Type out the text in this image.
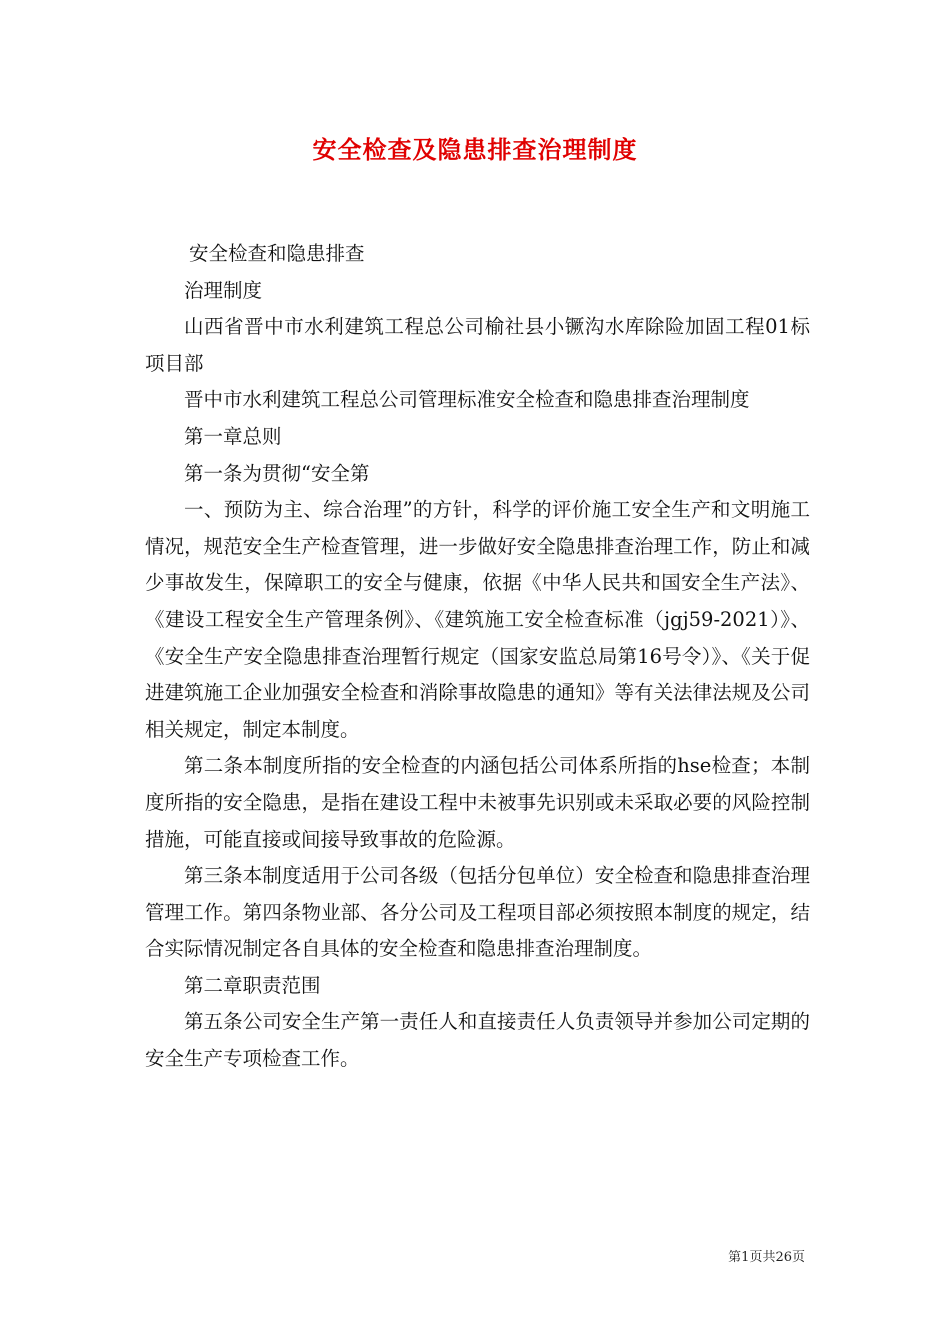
安全检查及隐患排查治理制度

安全检查和隐患排查

治理制度

山西省晋中市水利建筑工程总公司榆社县小镢沟水库除险加固工程01标项目部

晋中市水利建筑工程总公司管理标准安全检查和隐患排查治理制度

第一章总则

第一条为贯彻“安全第

一、预防为主、综合治理”的方针，科学的评价施工安全生产和文明施工情况，规范安全生产检查管理，进一步做好安全隐患排查治理工作，防止和减少事故发生，保障职工的安全与健康，依据《中华人民共和国安全生产法》、《建设工程安全生产管理条例》、《建筑施工安全检查标准（jgj59-2021）》、《安全生产安全隐患排查治理暂行规定（国家安监总局第16号令）》、《关于促进建筑施工企业加强安全检查和消除事故隐患的通知》等有关法律法规及公司相关规定，制定本制度。

第二条本制度所指的安全检查的内涵包括公司体系所指的hse检查；本制度所指的安全隐患，是指在建设工程中未被事先识别或未采取必要的风险控制措施，可能直接或间接导致事故的危险源。

第三条本制度适用于公司各级（包括分包单位）安全检查和隐患排查治理管理工作。第四条物业部、各分公司及工程项目部必须按照本制度的规定，结合实际情况制定各自具体的安全检查和隐患排查治理制度。

第二章职责范围

第五条公司安全生产第一责任人和直接责任人负责领导并参加公司定期的安全生产专项检查工作。

第1页共26页
